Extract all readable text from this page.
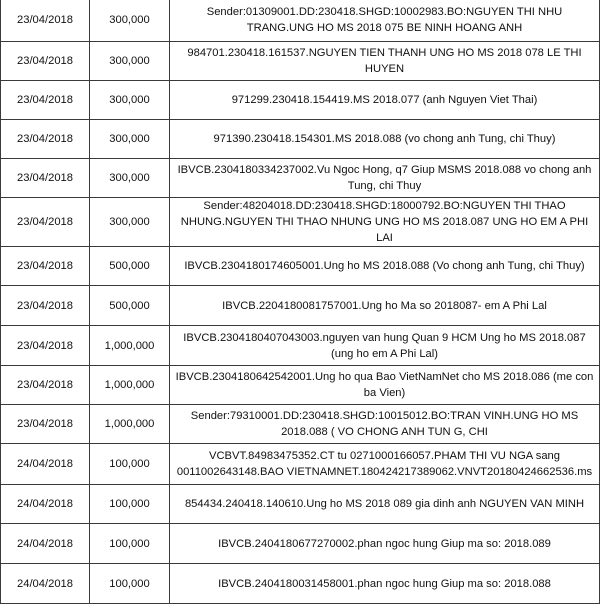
23/04/2018	300,000	Sender:01309001.DD:230418.SHGD:10002983.BO:NGUYEN THI NHU TRANG.UNG HO MS 2018 075 BE NINH HOANG ANH
23/04/2018	300,000	984701.230418.161537.NGUYEN TIEN THANH UNG HO MS 2018 078 LE THI HUYEN
23/04/2018	300,000	971299.230418.154419.MS 2018.077 (anh Nguyen Viet Thai)
23/04/2018	300,000	971390.230418.154301.MS 2018.088 (vo chong anh Tung, chi Thuy)
23/04/2018	300,000	IBVCB.2304180334237002.Vu Ngoc Hong, q7 Giup MSMS 2018.088 vo chong anh Tung, chi Thuy
23/04/2018	300,000	Sender:48204018.DD:230418.SHGD:18000792.BO:NGUYEN THI THAO NHUNG.NGUYEN THI THAO NHUNG UNG HO MS 2018.087 UNG HO EM A PHI LAI
23/04/2018	500,000	IBVCB.2304180174605001.Ung ho MS 2018.088 (Vo chong anh Tung, chi Thuy)
23/04/2018	500,000	IBVCB.2204180081757001.Ung ho Ma so 2018087- em A Phi Lal
23/04/2018	1,000,000	IBVCB.2304180407043003.nguyen van hung Quan 9 HCM Ung ho MS 2018.087 (ung ho em A Phi Lal)
23/04/2018	1,000,000	IBVCB.2304180642542001.Ung ho qua Bao VietNamNet cho MS 2018.086 (me con ba Vien)
23/04/2018	1,000,000	Sender:79310001.DD:230418.SHGD:10015012.BO:TRAN VINH.UNG HO MS 2018.088 ( VO CHONG ANH TUN G, CHI
24/04/2018	100,000	VCBVT.84983475352.CT tu 0271000166057.PHAM THI VU NGA sang 0011002643148.BAO VIETNAMNET.180424217389062.VNVT20180424662536.ms
24/04/2018	100,000	854434.240418.140610.Ung ho MS 2018 089 gia dinh anh NGUYEN VAN MINH
24/04/2018	100,000	IBVCB.2404180677270002.phan ngoc hung Giup ma so: 2018.089
24/04/2018	100,000	IBVCB.2404180031458001.phan ngoc hung Giup ma so: 2018.088
